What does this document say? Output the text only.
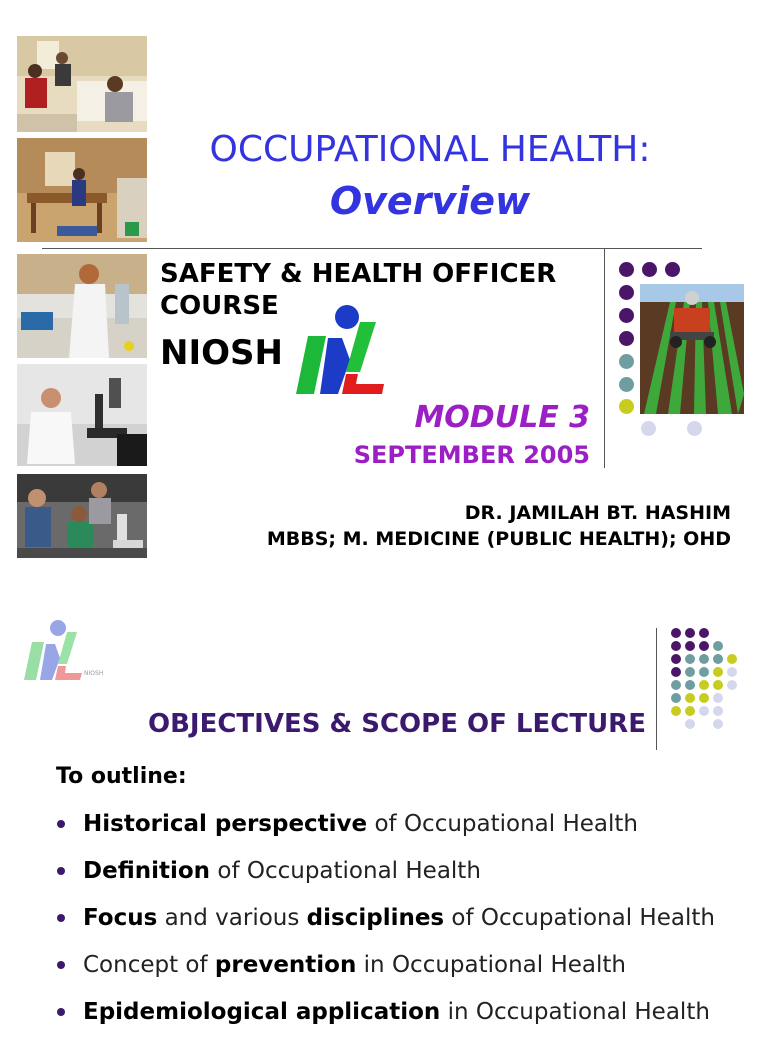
OCCUPATIONAL HEALTH:
Overview
SAFETY & HEALTH OFFICER
COURSE
NIOSH
MODULE 3
SEPTEMBER 2005
DR. JAMILAH BT. HASHIM
MBBS; M. MEDICINE (PUBLIC HEALTH); OHD
NIOSH
OBJECTIVES & SCOPE OF LECTURE
To outline:
Historical perspective of Occupational Health
Definition of Occupational Health
Focus and various disciplines of Occupational Health
Concept of prevention in Occupational Health
Epidemiological application in Occupational Health
